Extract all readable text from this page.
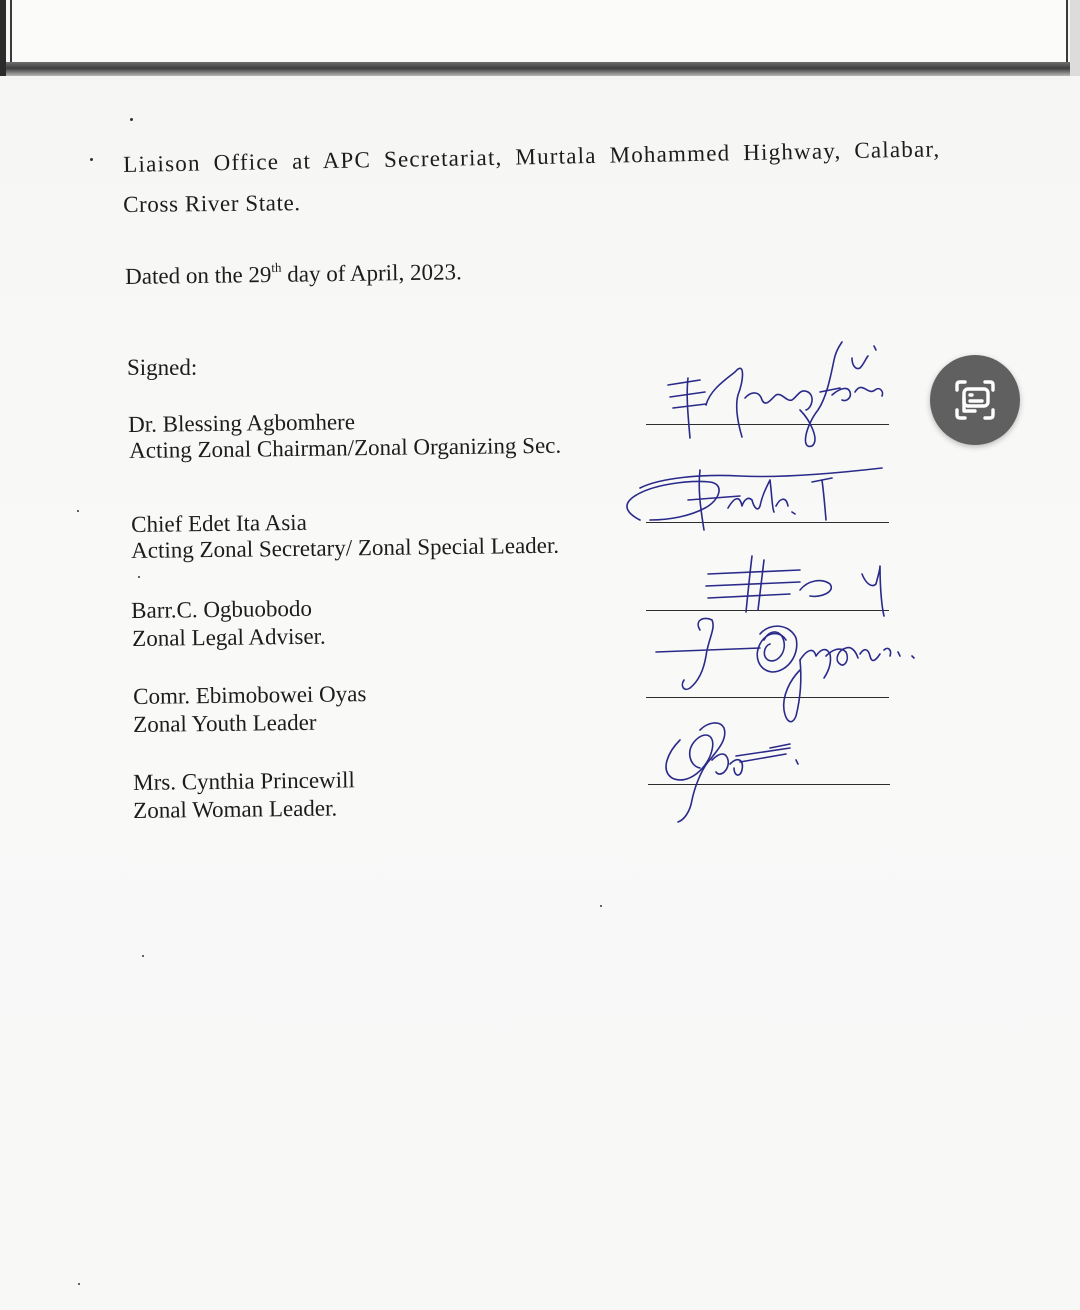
Liaison Office at APC Secretariat, Murtala Mohammed Highway, Calabar,
Cross River State.
Dated on the 29th day of April, 2023.
Signed:
Dr. Blessing Agbomhere
Acting Zonal Chairman/Zonal Organizing Sec.
Chief Edet Ita Asia
Acting Zonal Secretary/ Zonal Special Leader.
Barr.C. Ogbuobodo
Zonal Legal Adviser.
Comr. Ebimobowei Oyas
Zonal Youth Leader
Mrs. Cynthia Princewill
Zonal Woman Leader.
